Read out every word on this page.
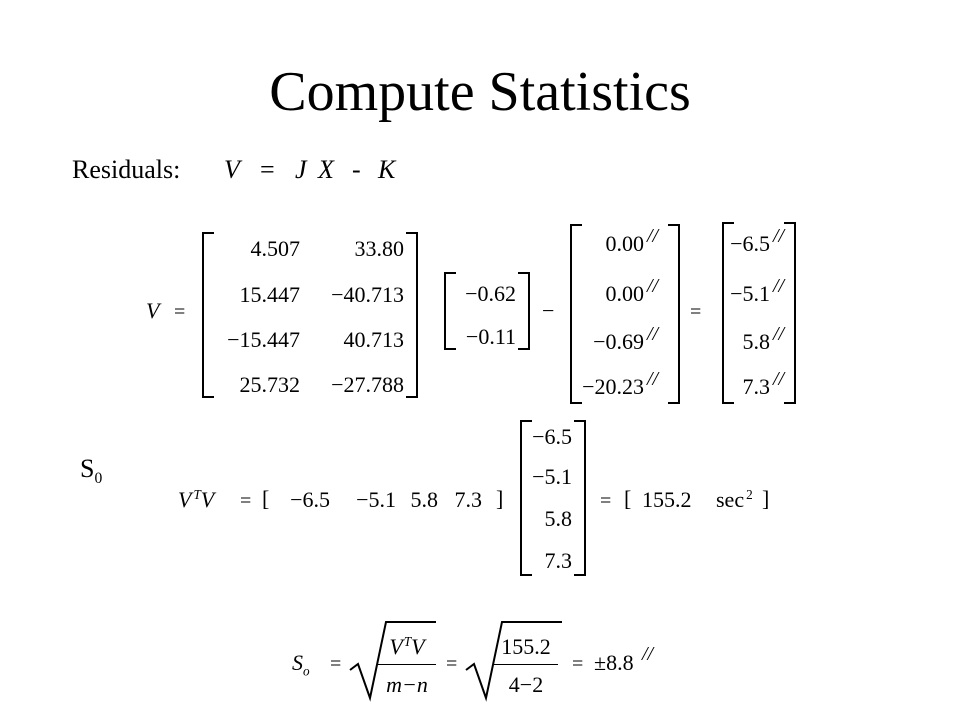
Compute Statistics
Residuals: V = J X - K
V =
4.507	33.80
15.447	−40.713
−15.447	40.713
25.732	−27.788
−0.62
−0.11
−
0.00 //
0.00 //
−0.69 //
−20.23 //
=
−6.5 //
−5.1 //
5.8 //
7.3 //
$S_0$
V $^T$V = [ −6.5	−5.1 5.8 7.3 ]
−6.5
−5.1
5.8
7.3
= [ 155.2 sec $^2$ ]
$S_o$ =
$V^TV$
m−n
=
155.2
4−2
= ±8.8 //
